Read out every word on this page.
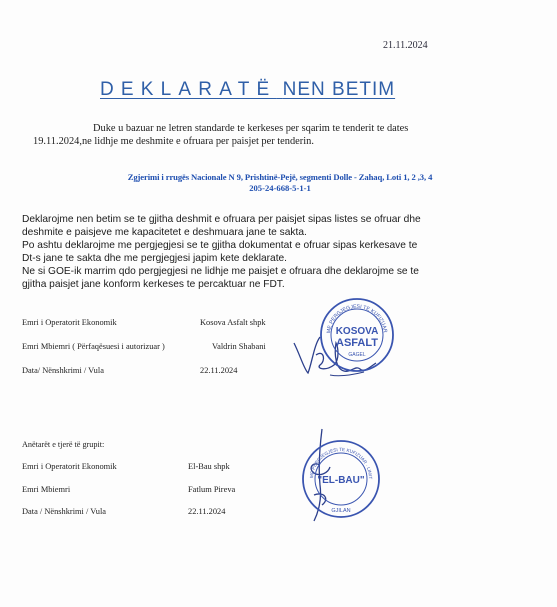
21.11.2024
DEKLARATË NEN BETIM

Duke u bazuar ne letren standarde te kerkeses per sqarim te tenderit te dates

19.11.2024,ne lidhje me deshmite e ofruara per paisjet per tenderin.

Zgjerimi i rrugës Nacionale N 9, Prishtinë-Pejë, segmenti Dolle - Zahaq, Loti 1, 2 ,3, 4
205-24-668-5-1-1
Deklarojme nen betim se te gjitha deshmit e ofruara per paisjet sipas listes se ofruar dhe
deshmite e paisjeve me kapacitetet e deshmuara jane te sakta.
Po ashtu deklarojme me pergjegjesi se te gjitha dokumentat e ofruar sipas kerkesave te
Dt-s jane te sakta dhe me pergjegjesi japim kete deklarate.
Ne si GOE-ik marrim qdo pergjegjesi ne lidhje me paisjet e ofruara dhe deklarojme se te
gjitha paisjet jane konform kerkeses te percaktuar ne FDT.
Emri i Operatorit Ekonomik	Kosova Asfalt shpk
Emri Mbiemri ( Përfaqësuesi i autorizuar )	Valdrin Shabani
Data/ Nënshkrimi / Vula	22.11.2024
KOSOVA
ASFALT
GAGEL
ME PERGJEGJESI TE KUFIZUAR
Anëtarët e tjerë të grupit:
Emri i Operatorit Ekonomik	El-Bau shpk
Emri Mbiemri	Fatlum Pireva
Data / Nënshkrimi / Vula	22.11.2024
ME PERGJEGJESI TE KUFIZUAR · LIMIT
"EL-BAU"
GJILAN
